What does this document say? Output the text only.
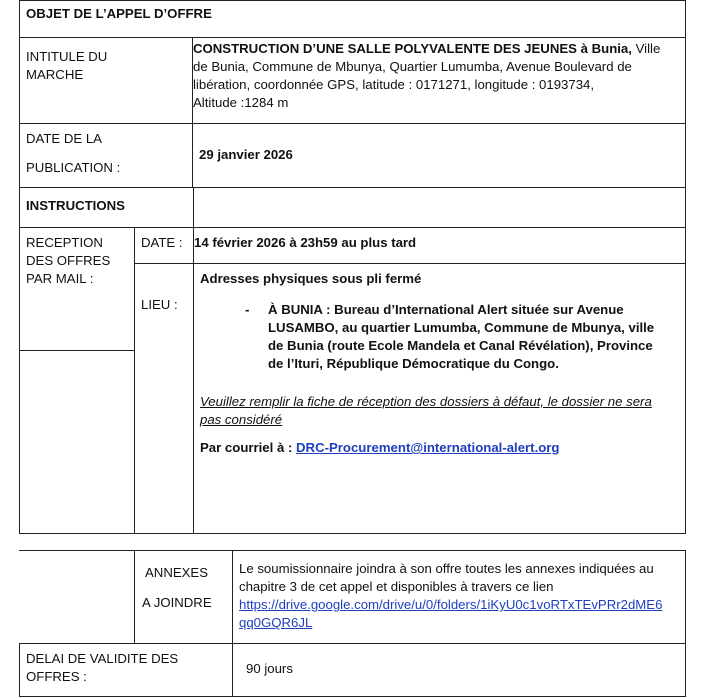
OBJET DE L’APPEL D’OFFRE
INTITULE DU
MARCHE
CONSTRUCTION D’UNE SALLE POLYVALENTE DES JEUNES à Bunia, Ville
de Bunia, Commune de Mbunya, Quartier Lumumba, Avenue Boulevard de
libération, coordonnée GPS, latitude : 0171271, longitude : 0193734,
Altitude :1284 m
DATE DE LA
PUBLICATION :
29 janvier 2026
INSTRUCTIONS
RECEPTION
DES OFFRES
PAR MAIL :
DATE : 14 février 2026 à 23h59 au plus tard
LIEU :
Adresses physiques sous pli fermé
- À BUNIA : Bureau d’International Alert située sur Avenue
LUSAMBO, au quartier Lumumba, Commune de Mbunya, ville
de Bunia (route Ecole Mandela et Canal Révélation), Province
de l’Ituri, République Démocratique du Congo.
Veuillez remplir la fiche de réception des dossiers à défaut, le dossier ne sera
pas considéré
Par courriel à : DRC-Procurement@international-alert.org
ANNEXES
A JOINDRE
Le soumissionnaire joindra à son offre toutes les annexes indiquées au
chapitre 3 de cet appel et disponibles à travers ce lien
https://drive.google.com/drive/u/0/folders/1iKyU0c1voRTxTEvPRr2dME6
qq0GQR6JL
DELAI DE VALIDITE DES
OFFRES :
90 jours
